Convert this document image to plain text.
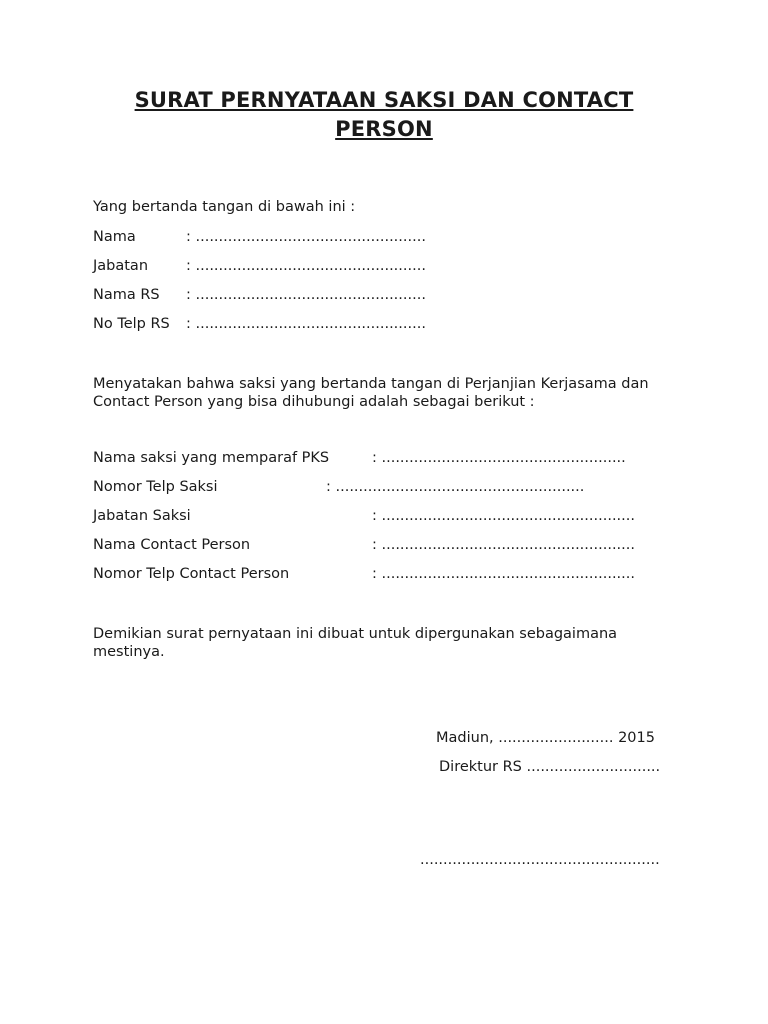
SURAT PERNYATAAN SAKSI DAN CONTACT
PERSON
Yang bertanda tangan di bawah ini :
Nama	: ..................................................
Jabatan	: ..................................................
Nama RS : ..................................................
No Telp RS : ..................................................
Menyatakan bahwa saksi yang bertanda tangan di Perjanjian Kerjasama dan Contact Person yang bisa dihubungi adalah sebagai berikut :
Nama saksi yang memparaf PKS	: .....................................................
Nomor Telp Saksi	: ......................................................
Jabatan Saksi	: .......................................................
Nama Contact Person	: .......................................................
Nomor Telp Contact Person	: .......................................................
Demikian surat pernyataan ini dibuat untuk dipergunakan sebagaimana mestinya.
Madiun, ......................... 2015
Direktur RS .............................
....................................................
